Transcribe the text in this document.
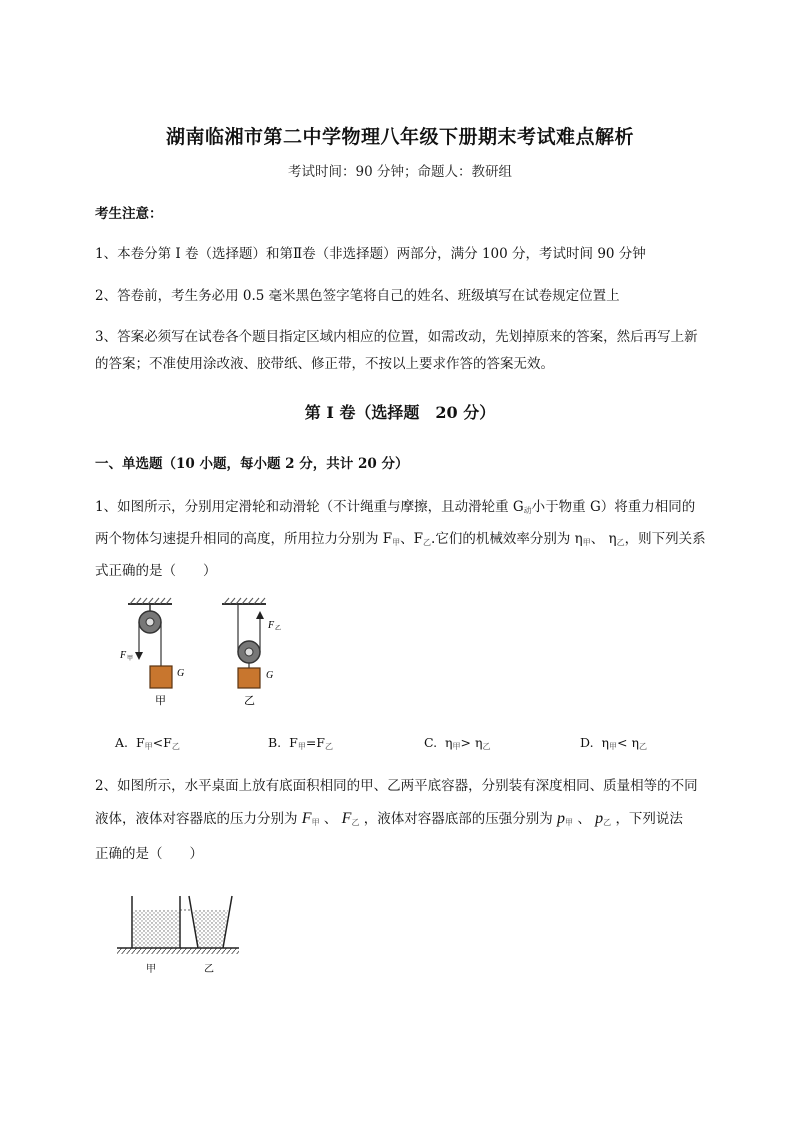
湖南临湘市第二中学物理八年级下册期末考试难点解析
考试时间：90 分钟；命题人：教研组
考生注意：
1、本卷分第 I 卷（选择题）和第Ⅱ卷（非选择题）两部分，满分 100 分，考试时间 90 分钟
2、答卷前，考生务必用 0.5 毫米黑色签字笔将自己的姓名、班级填写在试卷规定位置上
3、答案必须写在试卷各个题目指定区域内相应的位置，如需改动，先划掉原来的答案，然后再写上新的答案；不准使用涂改液、胶带纸、修正带，不按以上要求作答的答案无效。
第 I 卷（选择题　20 分）
一、单选题（10 小题，每小题 2 分，共计 20 分）
1、如图所示，分别用定滑轮和动滑轮（不计绳重与摩擦，且动滑轮重 $G_动$小于物重 G）将重力相同的两个物体匀速提升相同的高度，所用拉力分别为 $F_甲$、$F_乙$.它们的机械效率分别为 $\eta_甲$、 $\eta_乙$，则下列关系式正确的是（　　）
F 甲
G
甲
F 乙
G
乙
A. $F_甲<F_乙$	B. $F_甲=F_乙$	C. $\eta_甲> \eta_乙$	D. $\eta_甲< \eta_乙$
2、如图所示，水平桌面上放有底面积相同的甲、乙两平底容器，分别装有深度相同、质量相等的不同
液体，液体对容器底的压力分别为 $F_甲$ 、 $F_乙$ ，液体对容器底部的压强分别为 $p_甲$ 、 $p_乙$ ，下列说法
正确的是（　　）
甲	乙
